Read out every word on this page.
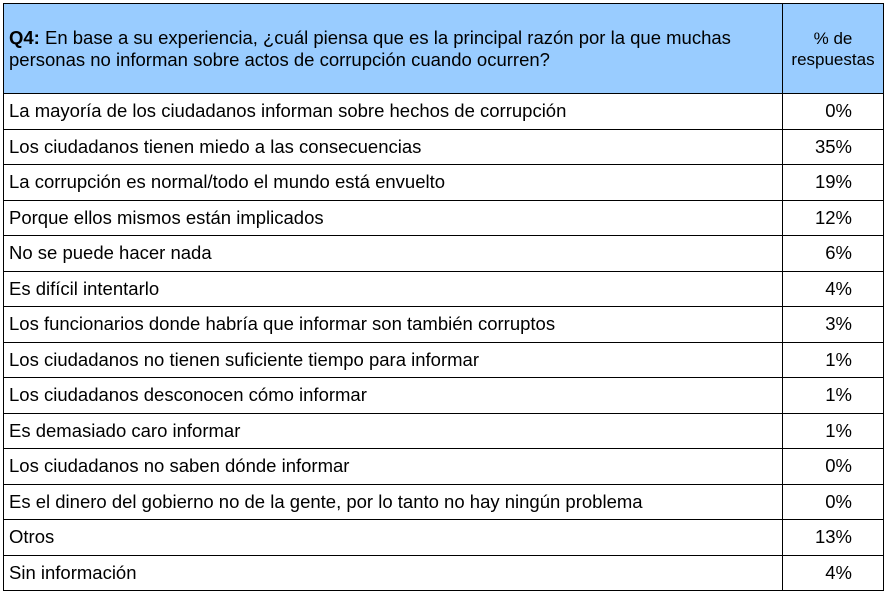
Q4: En base a su experiencia, ¿cuál piensa que es la principal razón por la que muchas personas no informan sobre actos de corrupción cuando ocurren?	% de respuestas
La mayoría de los ciudadanos informan sobre hechos de corrupción	0%
Los ciudadanos tienen miedo a las consecuencias	35%
La corrupción es normal/todo el mundo está envuelto	19%
Porque ellos mismos están implicados	12%
No se puede hacer nada	6%
Es difícil intentarlo	4%
Los funcionarios donde habría que informar son también corruptos	3%
Los ciudadanos no tienen suficiente tiempo para informar	1%
Los ciudadanos desconocen cómo informar	1%
Es demasiado caro informar	1%
Los ciudadanos no saben dónde informar	0%
Es el dinero del gobierno no de la gente, por lo tanto no hay ningún problema	0%
Otros	13%
Sin información	4%
